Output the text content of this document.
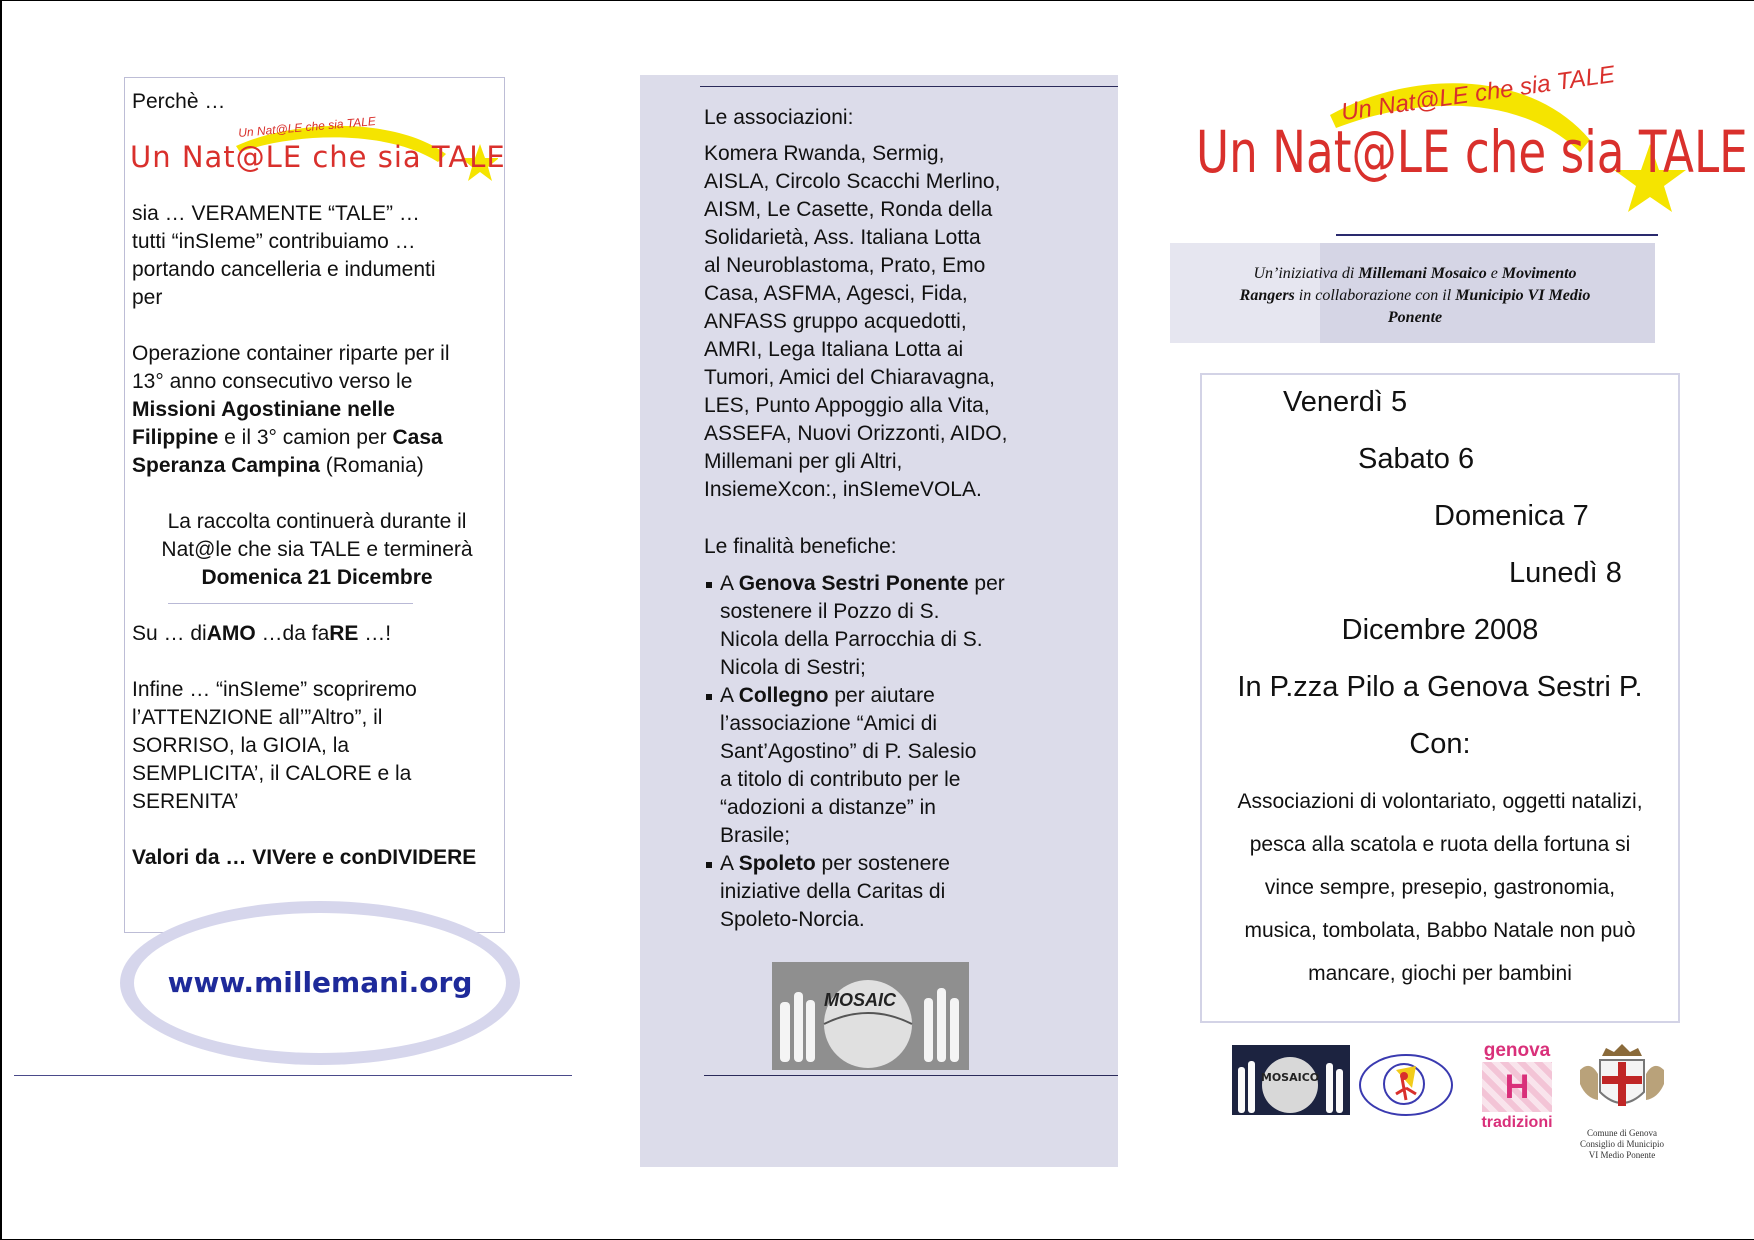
Perchè …
Un Nat@LE che sia TALE
Un Nat@LE che sia TALE
sia … VERAMENTE “TALE” …
tutti “inSIeme” contribuiamo …
portando cancelleria e indumenti
per
Operazione container riparte per il
13° anno consecutivo verso le
Missioni Agostiniane nelle
Filippine e il 3° camion per Casa
Speranza Campina (Romania)
La raccolta continuerà durante il
Nat@le che sia TALE e terminerà
Domenica 21 Dicembre
Su … diAMO …da faRE …!
Infine … “inSIeme” scopriremo
l’ATTENZIONE all’”Altro”, il
SORRISO, la GIOIA, la
SEMPLICITA’, il CALORE e la
SERENITA’
Valori da … VIVere e conDIVIDERE
www.millemani.org
Le associazioni:
Komera Rwanda, Sermig,
AISLA, Circolo Scacchi Merlino,
AISM, Le Casette, Ronda della
Solidarietà, Ass. Italiana Lotta
al Neuroblastoma, Prato, Emo
Casa, ASFMA, Agesci, Fida,
ANFASS gruppo acquedotti,
AMRI, Lega Italiana Lotta ai
Tumori, Amici del Chiaravagna,
LES, Punto Appoggio alla Vita,
ASSEFA, Nuovi Orizzonti, AIDO,
Millemani per gli Altri,
InsiemeXcon:, inSIemeVOLA.
Le finalità benefiche:
A Genova Sestri Ponente per
sostenere il Pozzo di S.
Nicola della Parrocchia di S.
Nicola di Sestri;
A Collegno per aiutare
l’associazione “Amici di
Sant’Agostino” di P. Salesio
a titolo di contributo per le
“adozioni a distanze” in
Brasile;
A Spoleto per sostenere
iniziative della Caritas di
Spoleto-Norcia.
MOSAIC
Un Nat@LE che sia TALE
Un Nat@LE che sia TALE
Un’iniziativa di Millemani Mosaico e Movimento
Rangers in collaborazione con il Municipio VI Medio
Ponente
Venerdì 5
Sabato 6
Domenica 7
Lunedì 8
Dicembre 2008
In P.zza Pilo a Genova Sestri P.
Con:
Associazioni di volontariato, oggetti natalizi,
pesca alla scatola e ruota della fortuna si
vince sempre, presepio, gastronomia,
musica, tombolata, Babbo Natale non può
mancare, giochi per bambini
MOSAICO
genova
H
tradizioni
Comune di Genova
Consiglio di Municipio
VI Medio Ponente
